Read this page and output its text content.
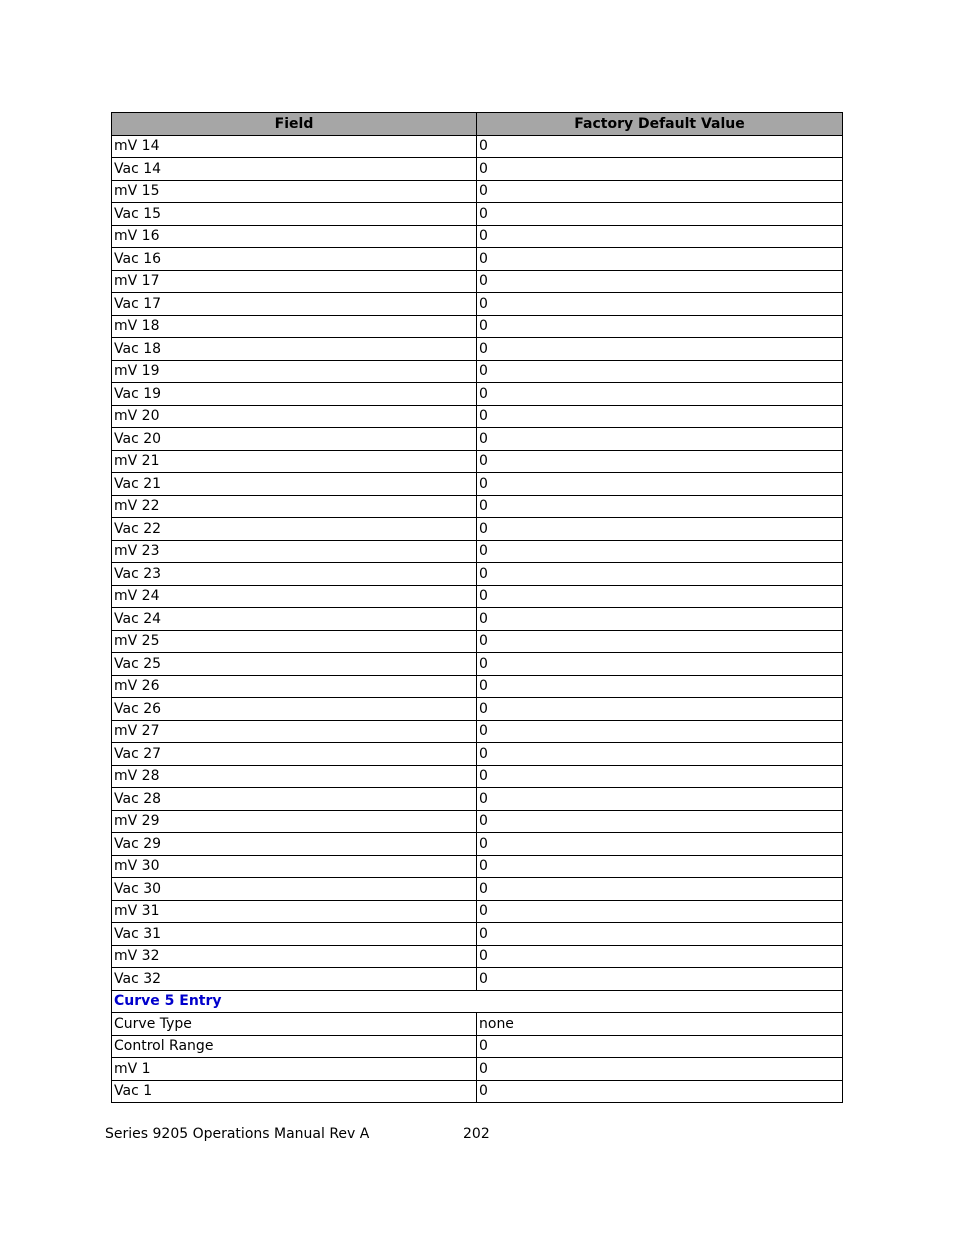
Field	Factory Default Value
mV 14	0
Vac 14	0
mV 15	0
Vac 15	0
mV 16	0
Vac 16	0
mV 17	0
Vac 17	0
mV 18	0
Vac 18	0
mV 19	0
Vac 19	0
mV 20	0
Vac 20	0
mV 21	0
Vac 21	0
mV 22	0
Vac 22	0
mV 23	0
Vac 23	0
mV 24	0
Vac 24	0
mV 25	0
Vac 25	0
mV 26	0
Vac 26	0
mV 27	0
Vac 27	0
mV 28	0
Vac 28	0
mV 29	0
Vac 29	0
mV 30	0
Vac 30	0
mV 31	0
Vac 31	0
mV 32	0
Vac 32	0
Curve 5 Entry	
Curve Type	none
Control Range	0
mV 1	0
Vac 1	0
Series 9205 Operations Manual Rev A	202
